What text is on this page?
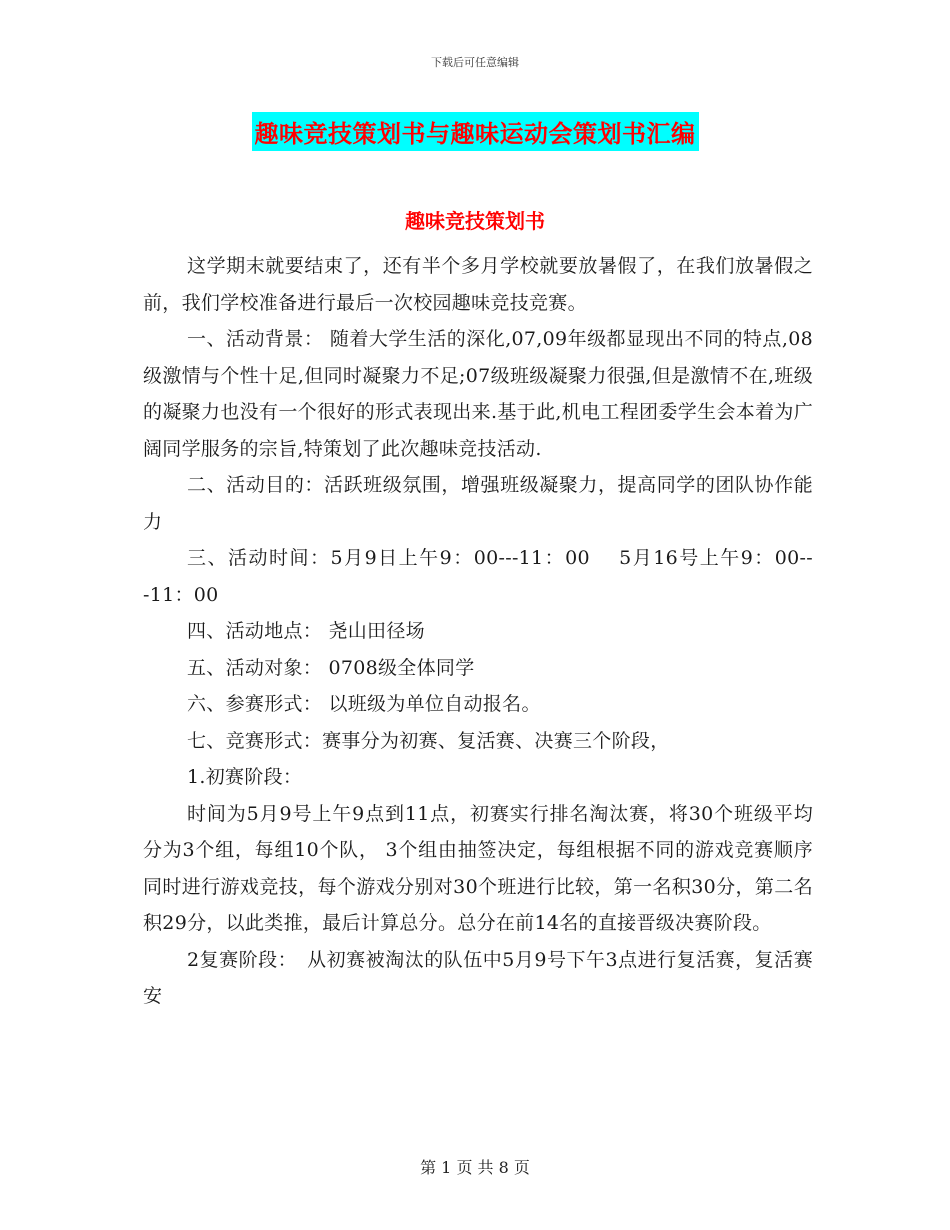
下载后可任意编辑
趣味竞技策划书与趣味运动会策划书汇编
趣味竞技策划书

这学期末就要结束了，还有半个多月学校就要放暑假了，在我们放暑假之前，我们学校准备进行最后一次校园趣味竞技竞赛。

一、活动背景： 随着大学生活的深化,07,09年级都显现出不同的特点,08级激情与个性十足,但同时凝聚力不足;07级班级凝聚力很强,但是激情不在,班级的凝聚力也没有一个很好的形式表现出来.基于此,机电工程团委学生会本着为广阔同学服务的宗旨,特策划了此次趣味竞技活动.

二、活动目的：活跃班级氛围，增强班级凝聚力，提高同学的团队协作能力

三、活动时间：5月9日上午9：00---11：00　 5月16号上午9：00---11：00

四、活动地点： 尧山田径场

五、活动对象： 0708级全体同学

六、参赛形式： 以班级为单位自动报名。

七、竞赛形式：赛事分为初赛、复活赛、决赛三个阶段，

1.初赛阶段：

时间为5月9号上午9点到11点，初赛实行排名淘汰赛，将30个班级平均分为3个组，每组10个队， 3个组由抽签决定，每组根据不同的游戏竞赛顺序同时进行游戏竞技，每个游戏分别对30个班进行比较，第一名积30分，第二名积29分，以此类推，最后计算总分。总分在前14名的直接晋级决赛阶段。

2复赛阶段：　从初赛被淘汰的队伍中5月9号下午3点进行复活赛，复活赛安

第 1 页 共 8 页
